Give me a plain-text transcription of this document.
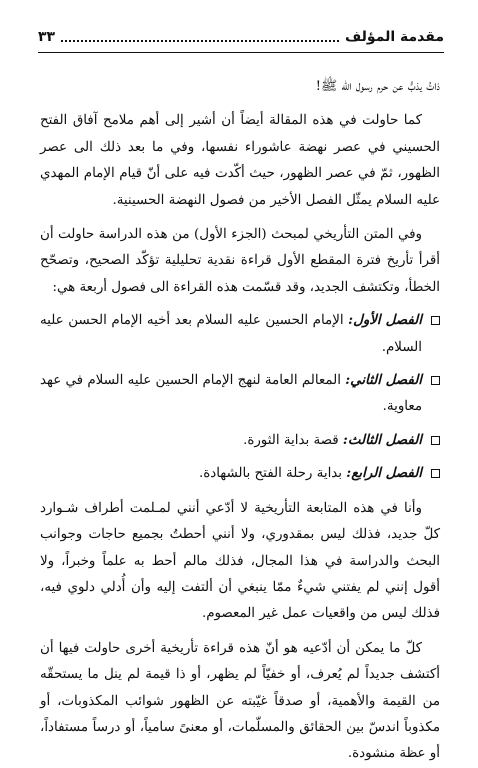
٣٣	مقدمة المؤلف

ذاتُ يذبُّ عن حرم رسول الله ﷺ!

كما حاولت في هذه المقالة أيضاً أن أشير إلى أهم ملامح آفاق الفتح الحسيني في عصر نهضة عاشوراء نفسها، وفي ما بعد ذلك الى عصر الظهور، ثمّ في عصر الظهور، حيث أكّدت فيه على أنّ قيام الإمام المهدي عليه السلام يمثّل الفصل الأخير من فصول النهضة الحسينية.

وفي المتن التأريخي لمبحث (الجزء الأول) من هذه الدراسة حاولت أن أقرأ تأريخ فترة المقطع الأول قراءة نقدية تحليلية تؤكّد الصحيح، وتصحّح الخطأ، وتكتشف الجديد، وقد قسّمت هذه القراءة الى فصول أربعة هي:

الفصل الأول: الإمام الحسين عليه السلام بعد أخيه الإمام الحسن عليه السلام.

الفصل الثاني: المعالم العامة لنهج الإمام الحسين عليه السلام في عهد معاوية.

الفصل الثالث: قصة بداية الثورة.

الفصل الرابع: بداية رحلة الفتح بالشهادة.

وأنا في هذه المتابعة التأريخية لا أدّعي أنني لمـلمت أطراف شـوارد كلّ جديد، فذلك ليس بمقدوري، ولا أنني أحطتُ بجميع حاجات وجوانب البحث والدراسة في هذا المجال، فذلك مالم أحط به علماً وخبراً، ولا أقول إنني لم يفتني شيءٌ ممّا ينبغي أن ألتفت إليه وأن أُدلي دلوي فيه، فذلك ليس من واقعيات عمل غير المعصوم.

كلّ ما يمكن أن أدّعيه هو أنّ هذه قراءة تأريخية أخرى حاولت فيها أن أكتشف جديداً لم يُعرف، أو خفيّاً لم يظهر، أو ذا قيمة لم ينل ما يستحقّه من القيمة والأهمية، أو صدقاً غيّبته عن الظهور شوائب المكذوبات، أو مكذوباً اندسّ بين الحقائق والمسلّمات، أو معنىً سامياً، أو درساً مستفاداً، أو عظة منشودة.
